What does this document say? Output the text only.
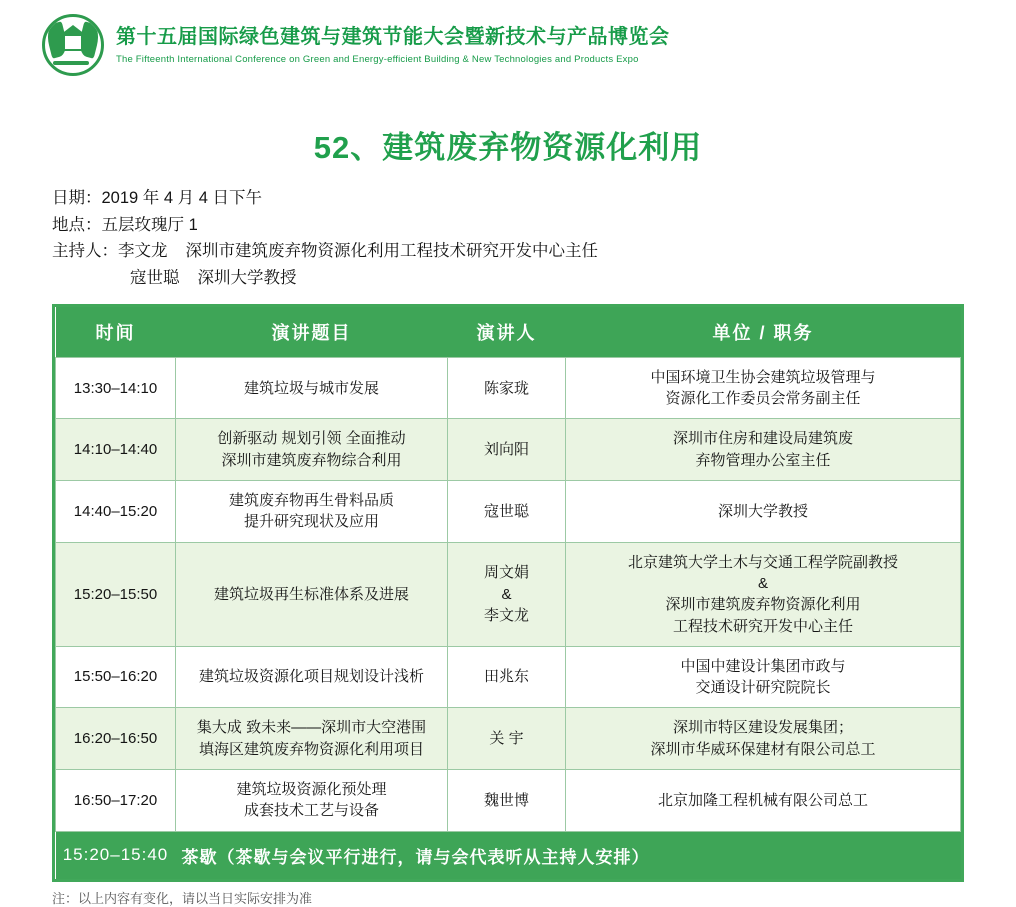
第十五届国际绿色建筑与建筑节能大会暨新技术与产品博览会
The Fifteenth International Conference on Green and Energy-efficient Building & New Technologies and Products Expo
52、建筑废弃物资源化利用
日期：2019 年 4 月 4 日下午
地点：五层玫瑰厅 1
主持人：李文龙 深圳市建筑废弃物资源化利用工程技术研究开发中心主任
寇世聪 深圳大学教授
时间	演讲题目	演讲人	单位 / 职务
13:30–14:10	建筑垃圾与城市发展	陈家珑	中国环境卫生协会建筑垃圾管理与
资源化工作委员会常务副主任
14:10–14:40	创新驱动 规划引领 全面推动
深圳市建筑废弃物综合利用	刘向阳	深圳市住房和建设局建筑废
弃物管理办公室主任
14:40–15:20	建筑废弃物再生骨料品质
提升研究现状及应用	寇世聪	深圳大学教授
15:20–15:50	建筑垃圾再生标准体系及进展	周文娟
&
李文龙	北京建筑大学土木与交通工程学院副教授
&
深圳市建筑废弃物资源化利用
工程技术研究开发中心主任
15:50–16:20	建筑垃圾资源化项目规划设计浅析	田兆东	中国中建设计集团市政与
交通设计研究院院长
16:20–16:50	集大成 致未来——深圳市大空港围
填海区建筑废弃物资源化利用项目	关 宇	深圳市特区建设发展集团；
深圳市华威环保建材有限公司总工
16:50–17:20	建筑垃圾资源化预处理
成套技术工艺与设备	魏世博	北京加隆工程机械有限公司总工
15:20–15:40	茶歇（茶歇与会议平行进行，请与会代表听从主持人安排）		
注：以上内容有变化，请以当日实际安排为准
